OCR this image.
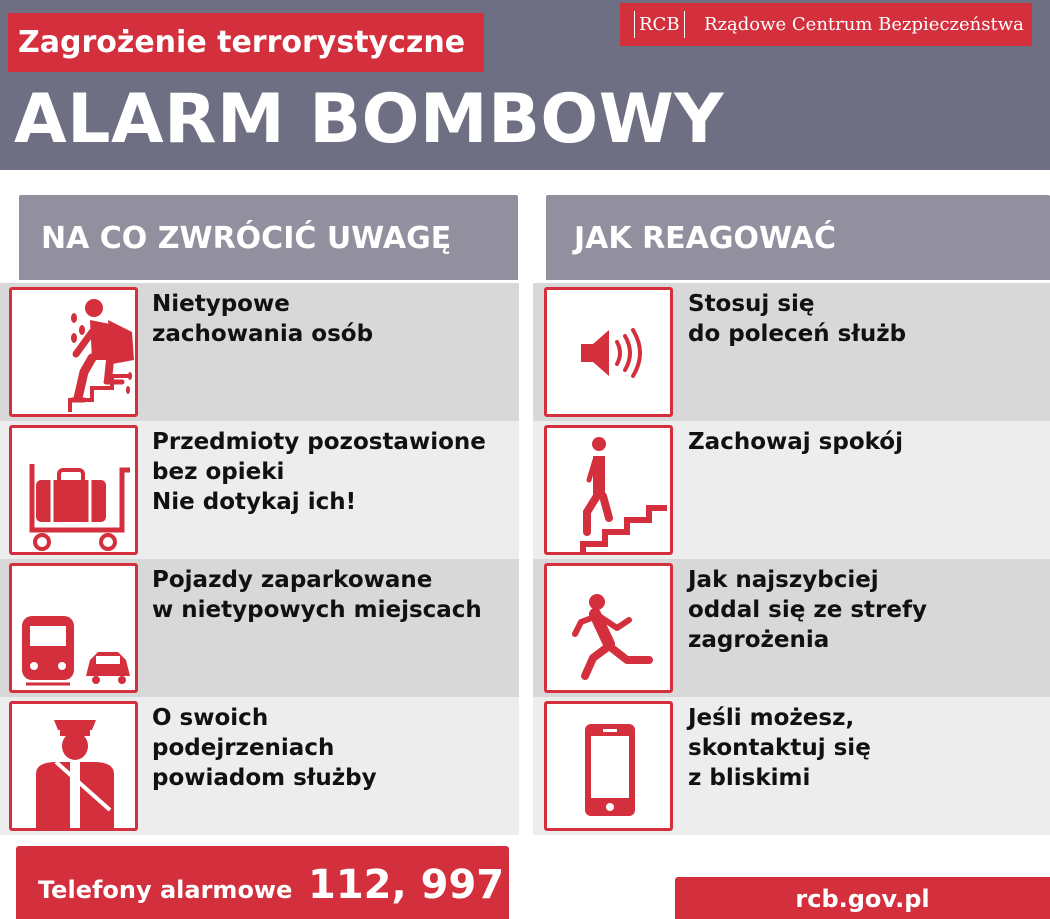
Zagrożenie terrorystyczne
ALARM BOMBOWY
RCB Rządowe Centrum Bezpieczeństwa
NA CO ZWRÓCIĆ UWAGĘ	JAK REAGOWAĆ
Nietypowe
zachowania osób
Przedmioty pozostawione
bez opieki
Nie dotykaj ich!
Pojazdy zaparkowane
w nietypowych miejscach
O swoich
podejrzeniach
powiadom służby
Stosuj się
do poleceń służb
Zachowaj spokój
Jak najszybciej
oddal się ze strefy
zagrożenia
Jeśli możesz,
skontaktuj się
z bliskimi
Telefony alarmowe 112, 997	rcb.gov.pl
